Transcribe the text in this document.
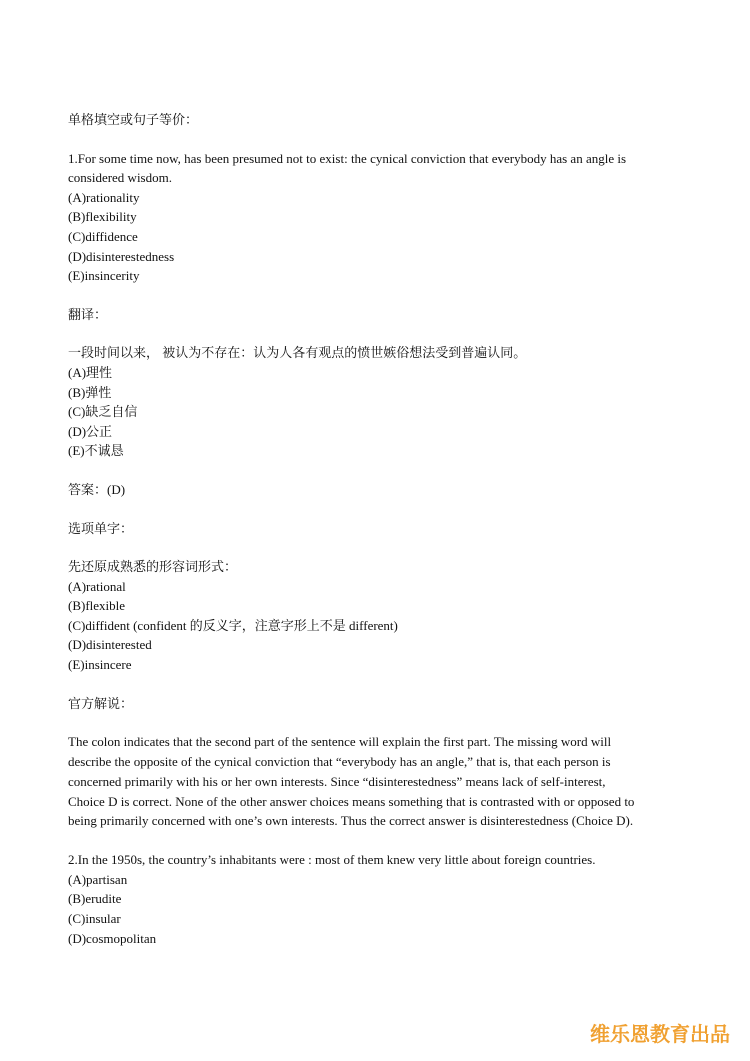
单格填空或句子等价：
1.For some time now, has been presumed not to exist: the cynical conviction that everybody has an angle is
considered wisdom.
(A)rationality
(B)flexibility
(C)diffidence
(D)disinterestedness
(E)insincerity
翻译：
一段时间以来， 被认为不存在：认为人各有观点的愤世嫉俗想法受到普遍认同。
(A)理性
(B)弹性
(C)缺乏自信
(D)公正
(E)不诚恳
答案：(D)
选项单字：
先还原成熟悉的形容词形式：
(A)rational
(B)flexible
(C)diffident (confident 的反义字，注意字形上不是 different)
(D)disinterested
(E)insincere
官方解说：
The colon indicates that the second part of the sentence will explain the first part. The missing word will
describe the opposite of the cynical conviction that “everybody has an angle,” that is, that each person is
concerned primarily with his or her own interests. Since “disinterestedness” means lack of self-interest,
Choice D is correct. None of the other answer choices means something that is contrasted with or opposed to
being primarily concerned with one’s own interests. Thus the correct answer is disinterestedness (Choice D).
2.In the 1950s, the country’s inhabitants were : most of them knew very little about foreign countries.
(A)partisan
(B)erudite
(C)insular
(D)cosmopolitan
维乐恩教育出品
